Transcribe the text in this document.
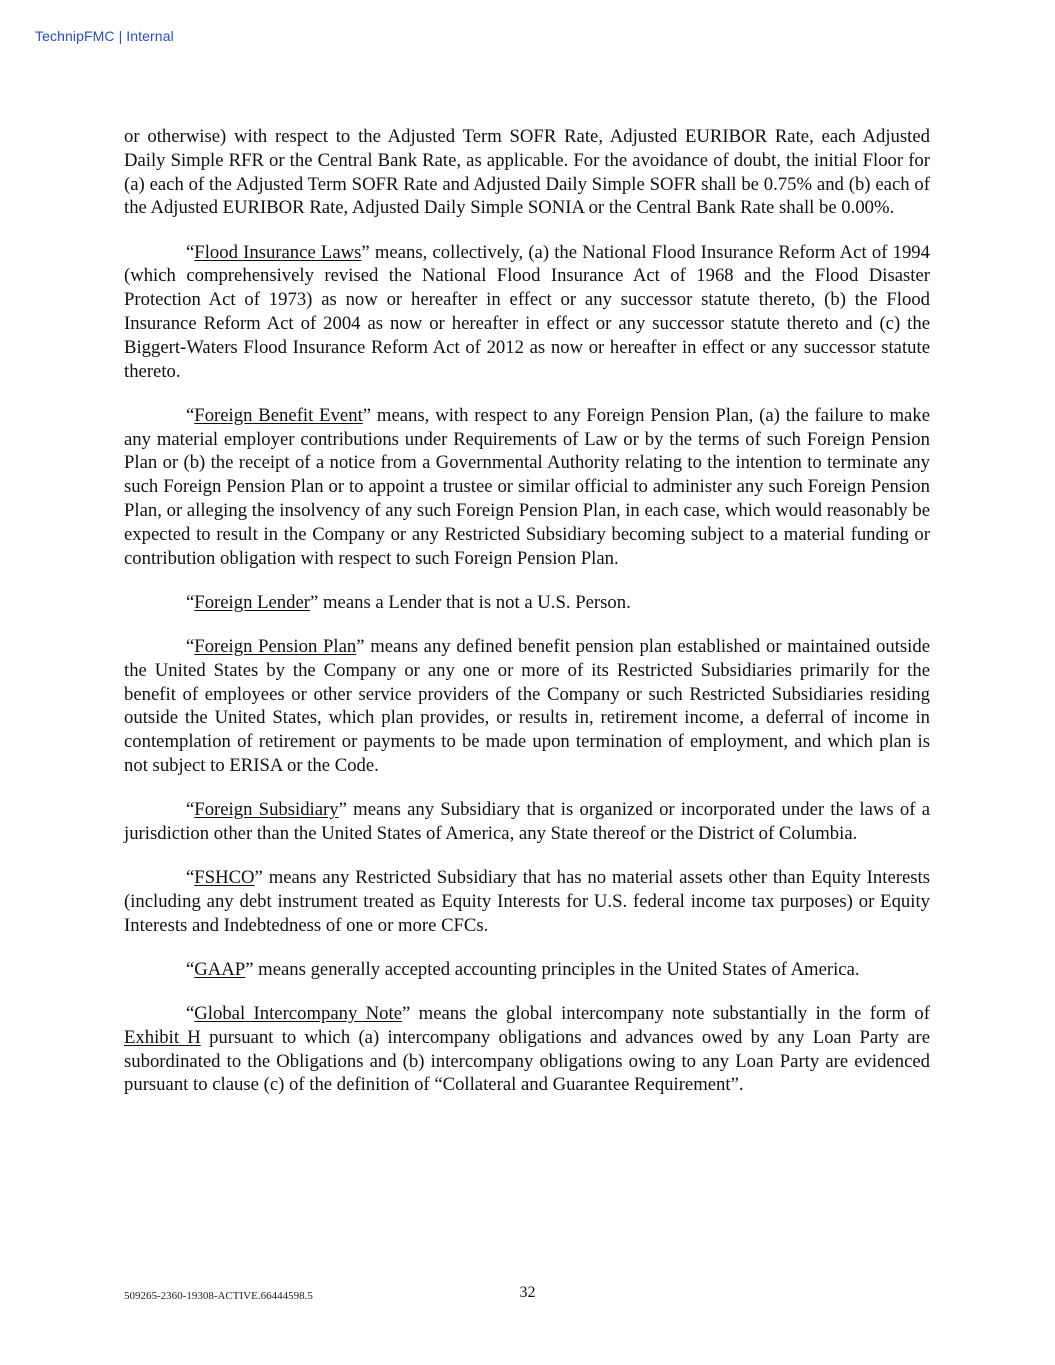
TechnipFMC | Internal

or otherwise) with respect to the Adjusted Term SOFR Rate, Adjusted EURIBOR Rate, each Adjusted Daily Simple RFR or the Central Bank Rate, as applicable. For the avoidance of doubt, the initial Floor for (a) each of the Adjusted Term SOFR Rate and Adjusted Daily Simple SOFR shall be 0.75% and (b) each of the Adjusted EURIBOR Rate, Adjusted Daily Simple SONIA or the Central Bank Rate shall be 0.00%.

“Flood Insurance Laws” means, collectively, (a) the National Flood Insurance Reform Act of 1994 (which comprehensively revised the National Flood Insurance Act of 1968 and the Flood Disaster Protection Act of 1973) as now or hereafter in effect or any successor statute thereto, (b) the Flood Insurance Reform Act of 2004 as now or hereafter in effect or any successor statute thereto and (c) the Biggert-Waters Flood Insurance Reform Act of 2012 as now or hereafter in effect or any successor statute thereto.

“Foreign Benefit Event” means, with respect to any Foreign Pension Plan, (a) the failure to make any material employer contributions under Requirements of Law or by the terms of such Foreign Pension Plan or (b) the receipt of a notice from a Governmental Authority relating to the intention to terminate any such Foreign Pension Plan or to appoint a trustee or similar official to administer any such Foreign Pension Plan, or alleging the insolvency of any such Foreign Pension Plan, in each case, which would reasonably be expected to result in the Company or any Restricted Subsidiary becoming subject to a material funding or contribution obligation with respect to such Foreign Pension Plan.

“Foreign Lender” means a Lender that is not a U.S. Person.

“Foreign Pension Plan” means any defined benefit pension plan established or maintained outside the United States by the Company or any one or more of its Restricted Subsidiaries primarily for the benefit of employees or other service providers of the Company or such Restricted Subsidiaries residing outside the United States, which plan provides, or results in, retirement income, a deferral of income in contemplation of retirement or payments to be made upon termination of employment, and which plan is not subject to ERISA or the Code.

“Foreign Subsidiary” means any Subsidiary that is organized or incorporated under the laws of a jurisdiction other than the United States of America, any State thereof or the District of Columbia.

“FSHCO” means any Restricted Subsidiary that has no material assets other than Equity Interests (including any debt instrument treated as Equity Interests for U.S. federal income tax purposes) or Equity Interests and Indebtedness of one or more CFCs.

“GAAP” means generally accepted accounting principles in the United States of America.

“Global Intercompany Note” means the global intercompany note substantially in the form of Exhibit H pursuant to which (a) intercompany obligations and advances owed by any Loan Party are subordinated to the Obligations and (b) intercompany obligations owing to any Loan Party are evidenced pursuant to clause (c) of the definition of “Collateral and Guarantee Requirement”.

509265-2360-19308-ACTIVE.66444598.5	32
